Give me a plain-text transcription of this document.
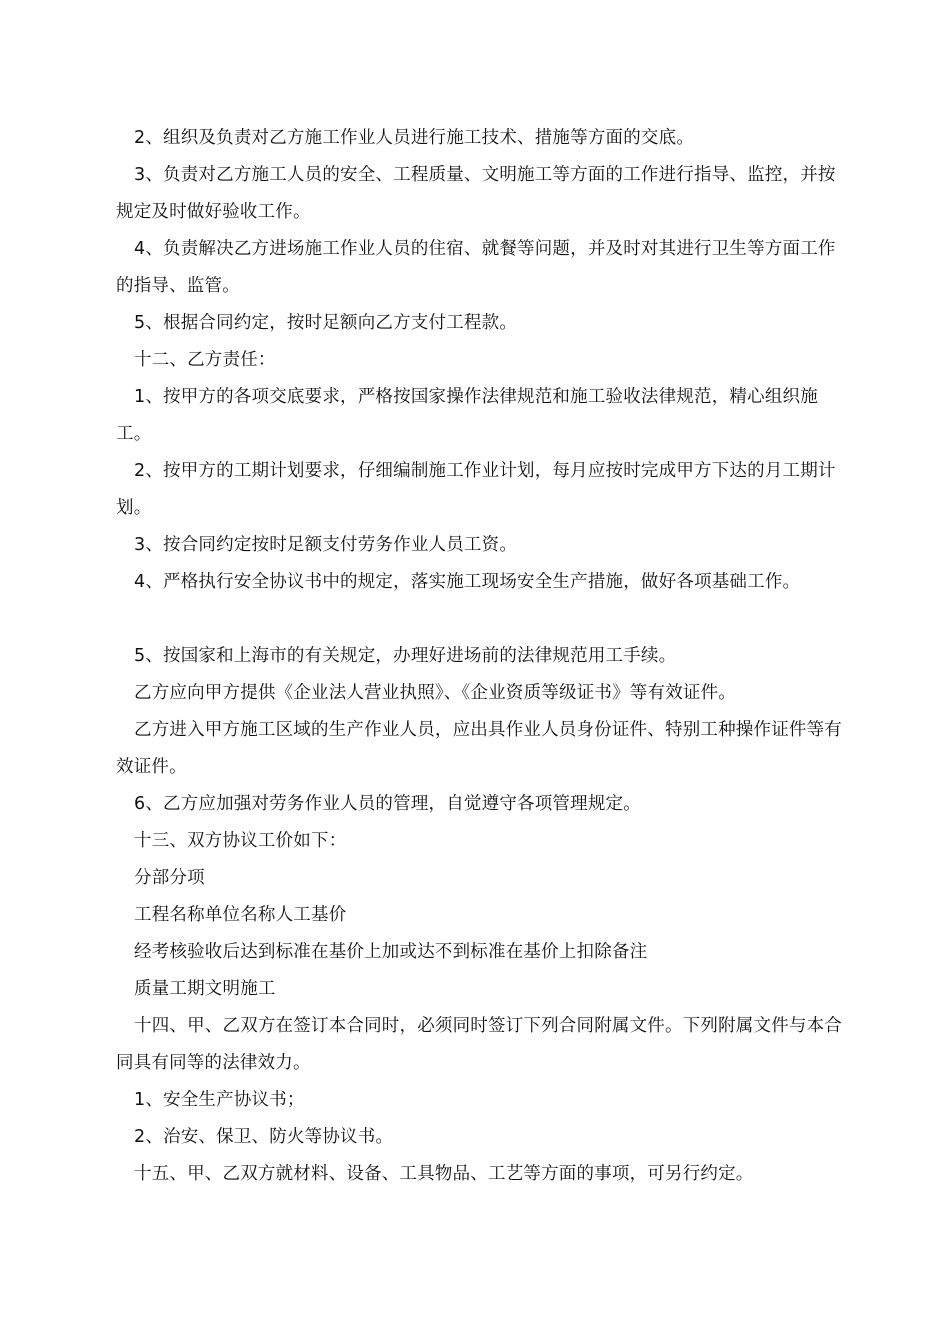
2、组织及负责对乙方施工作业人员进行施工技术、措施等方面的交底。

3、负责对乙方施工人员的安全、工程质量、文明施工等方面的工作进行指导、监控，并按规定及时做好验收工作。

4、负责解决乙方进场施工作业人员的住宿、就餐等问题，并及时对其进行卫生等方面工作的指导、监管。

5、根据合同约定，按时足额向乙方支付工程款。

十二、乙方责任：

1、按甲方的各项交底要求，严格按国家操作法律规范和施工验收法律规范，精心组织施工。

2、按甲方的工期计划要求，仔细编制施工作业计划，每月应按时完成甲方下达的月工期计划。

3、按合同约定按时足额支付劳务作业人员工资。

4、严格执行安全协议书中的规定，落实施工现场安全生产措施，做好各项基础工作。

5、按国家和上海市的有关规定，办理好进场前的法律规范用工手续。

乙方应向甲方提供《企业法人营业执照》、《企业资质等级证书》等有效证件。

乙方进入甲方施工区域的生产作业人员，应出具作业人员身份证件、特别工种操作证件等有效证件。

6、乙方应加强对劳务作业人员的管理，自觉遵守各项管理规定。

十三、双方协议工价如下：

分部分项

工程名称单位名称人工基价

经考核验收后达到标准在基价上加或达不到标准在基价上扣除备注

质量工期文明施工

十四、甲、乙双方在签订本合同时，必须同时签订下列合同附属文件。下列附属文件与本合同具有同等的法律效力。

1、安全生产协议书；

2、治安、保卫、防火等协议书。

十五、甲、乙双方就材料、设备、工具物品、工艺等方面的事项，可另行约定。
